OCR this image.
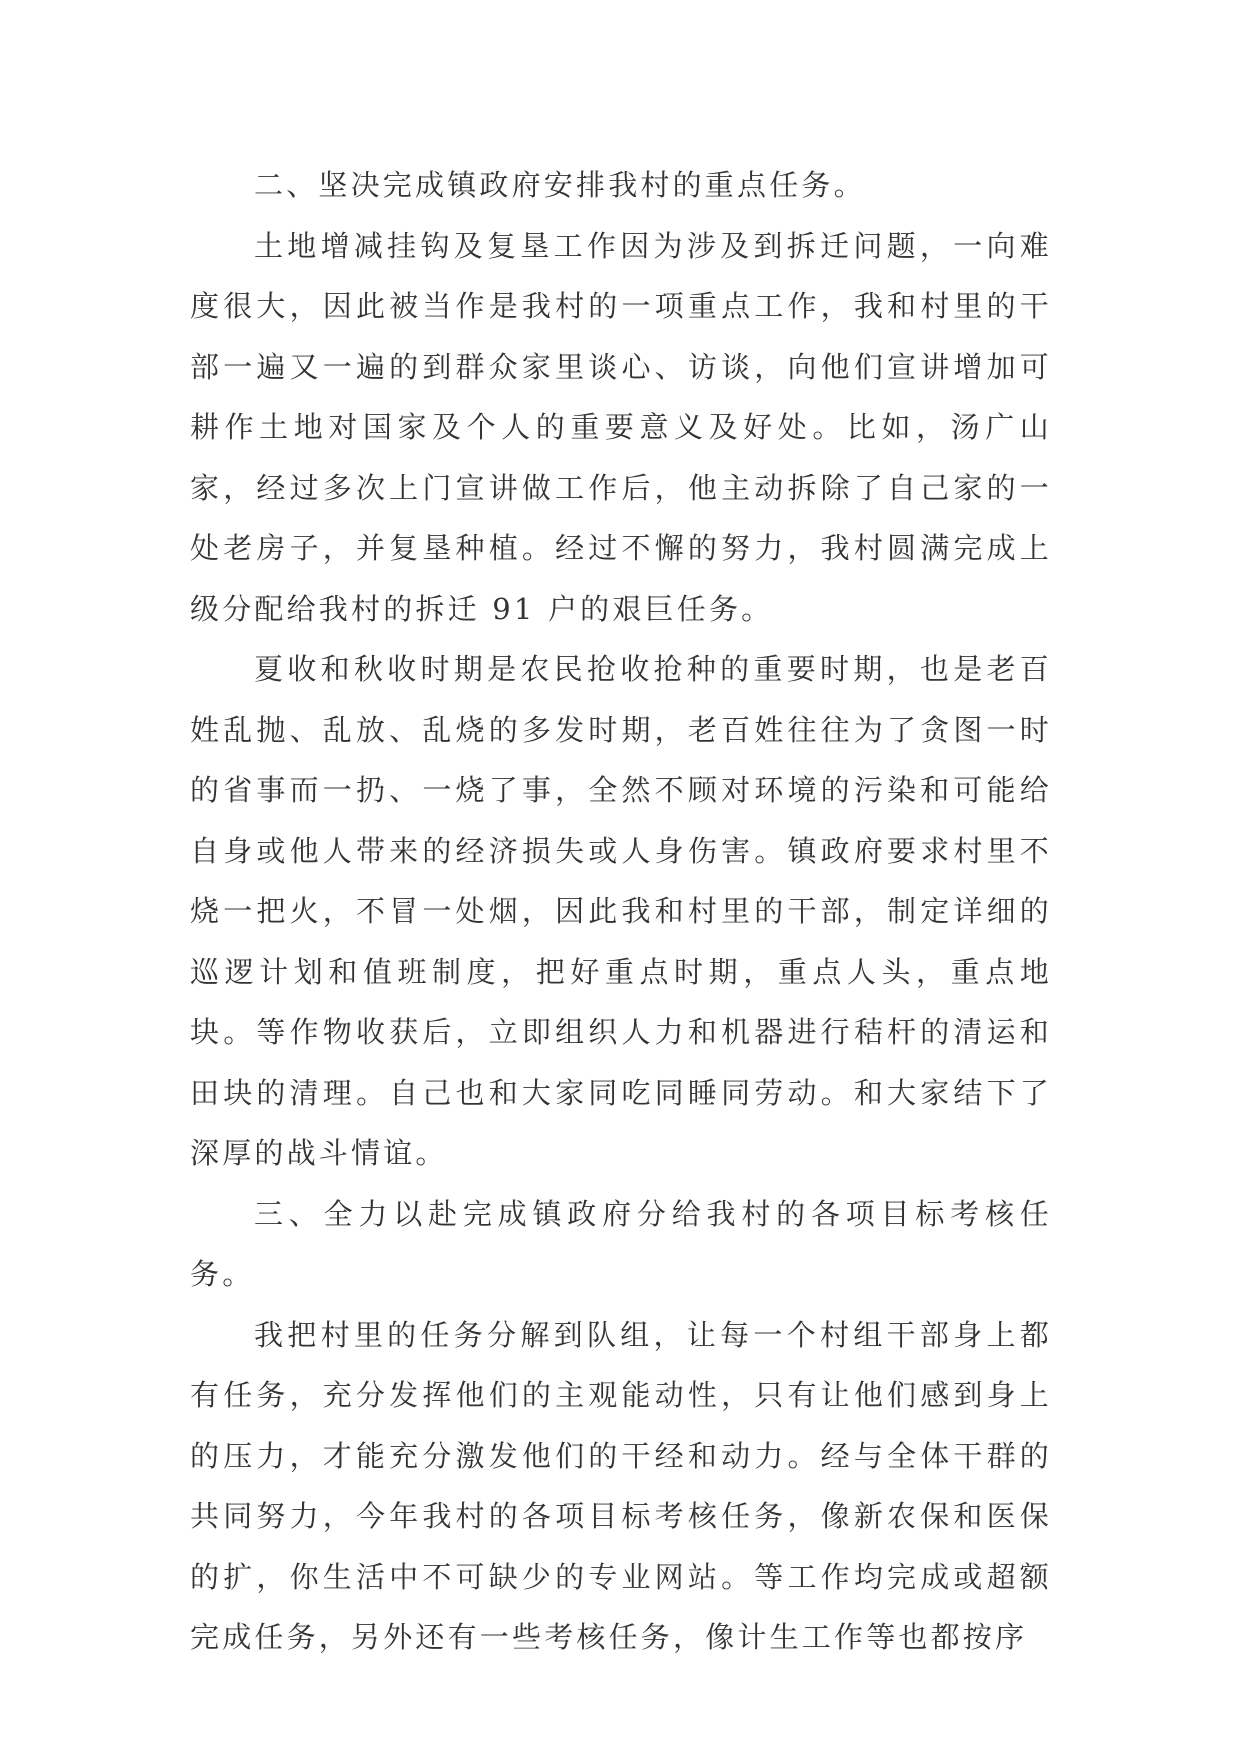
二、坚决完成镇政府安排我村的重点任务。

土地增减挂钩及复垦工作因为涉及到拆迁问题，一向难度很大，因此被当作是我村的一项重点工作，我和村里的干部一遍又一遍的到群众家里谈心、访谈，向他们宣讲增加可耕作土地对国家及个人的重要意义及好处。比如，汤广山家，经过多次上门宣讲做工作后，他主动拆除了自己家的一处老房子，并复垦种植。经过不懈的努力，我村圆满完成上级分配给我村的拆迁 91 户的艰巨任务。

夏收和秋收时期是农民抢收抢种的重要时期，也是老百姓乱抛、乱放、乱烧的多发时期，老百姓往往为了贪图一时的省事而一扔、一烧了事，全然不顾对环境的污染和可能给自身或他人带来的经济损失或人身伤害。镇政府要求村里不烧一把火，不冒一处烟，因此我和村里的干部，制定详细的巡逻计划和值班制度，把好重点时期，重点人头，重点地块。等作物收获后，立即组织人力和机器进行秸杆的清运和田块的清理。自己也和大家同吃同睡同劳动。和大家结下了深厚的战斗情谊。

三、全力以赴完成镇政府分给我村的各项目标考核任务。

我把村里的任务分解到队组，让每一个村组干部身上都有任务，充分发挥他们的主观能动性，只有让他们感到身上的压力，才能充分激发他们的干经和动力。经与全体干群的共同努力，今年我村的各项目标考核任务，像新农保和医保的扩，你生活中不可缺少的专业网站。等工作均完成或超额完成任务，另外还有一些考核任务，像计生工作等也都按序
